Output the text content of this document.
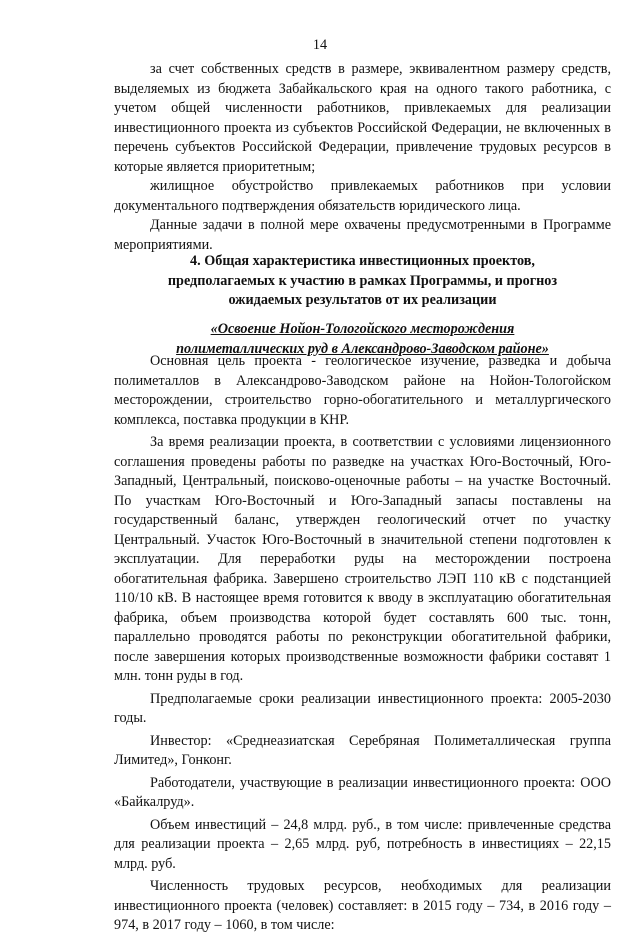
14

за счет собственных средств в размере, эквивалентном размеру средств, выделяемых из бюджета Забайкальского края на одного такого работника, с учетом общей численности работников, привлекаемых для реализации инвестиционного проекта из субъектов Российской Федерации, не включенных в перечень субъектов Российской Федерации, привлечение трудовых ресурсов в которые является приоритетным;

жилищное обустройство привлекаемых работников при условии документального подтверждения обязательств юридического лица.

Данные задачи в полной мере охвачены предусмотренными в Программе мероприятиями.

4. Общая характеристика инвестиционных проектов,
предполагаемых к участию в рамках Программы, и прогноз
ожидаемых результатов от их реализации
«Освоение Нойон-Тологойского месторождения
полиметаллических руд в Александрово-Заводском районе»

Основная цель проекта - геологическое изучение, разведка и добыча полиметаллов в Александрово-Заводском районе на Нойон-Тологойском месторождении, строительство горно-обогатительного и металлургического комплекса, поставка продукции в КНР.

За время реализации проекта, в соответствии с условиями лицензионного соглашения проведены работы по разведке на участках Юго-Восточный, Юго-Западный, Центральный, поисково-оценочные работы – на участке Восточный. По участкам Юго-Восточный и Юго-Западный запасы поставлены на государственный баланс, утвержден геологический отчет по участку Центральный. Участок Юго-Восточный в значительной степени подготовлен к эксплуатации. Для переработки руды на месторождении построена обогатительная фабрика. Завершено строительство ЛЭП 110 кВ с подстанцией 110/10 кВ. В настоящее время готовится к вводу в эксплуатацию обогатительная фабрика, объем производства которой будет составлять 600 тыс. тонн, параллельно проводятся работы по реконструкции обогатительной фабрики, после завершения которых производственные возможности фабрики составят 1 млн. тонн руды в год.

Предполагаемые сроки реализации инвестиционного проекта: 2005-2030 годы.

Инвестор: «Среднеазиатская Серебряная Полиметаллическая группа Лимитед», Гонконг.

Работодатели, участвующие в реализации инвестиционного проекта: ООО «Байкалруд».

Объем инвестиций – 24,8 млрд. руб., в том числе: привлеченные средства для реализации проекта – 2,65 млрд. руб, потребность в инвестициях – 22,15 млрд. руб.

Численность трудовых ресурсов, необходимых для реализации инвестиционного проекта (человек) составляет: в 2015 году – 734, в 2016 году – 974, в 2017 году – 1060, в том числе:
